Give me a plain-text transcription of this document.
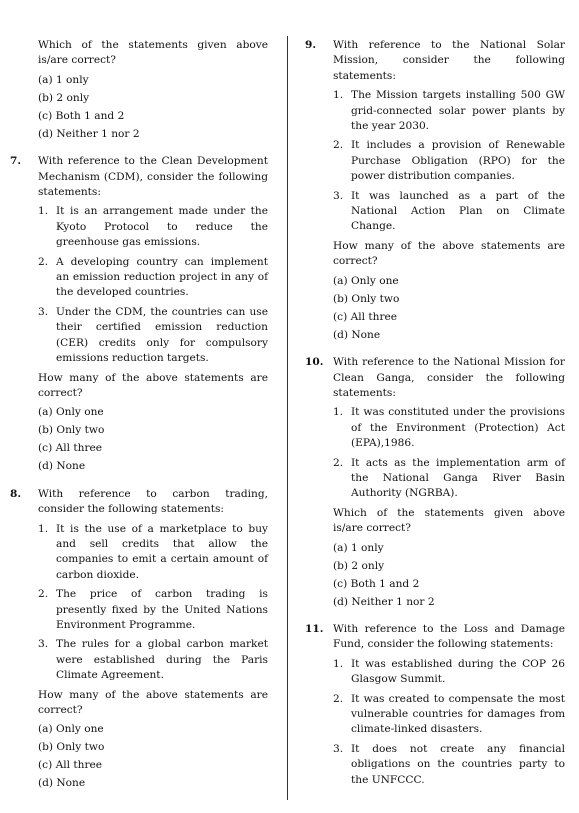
Which of the statements given above is/are correct?

(a) 1 only
(b) 2 only
(c) Both 1 and 2
(d) Neither 1 nor 2
7.	With reference to the Clean Development Mechanism (CDM), consider the following statements:

1. It is an arrangement made under the Kyoto Protocol to reduce the greenhouse gas emissions.
2. A developing country can implement an emission reduction project in any of the developed countries.
3. Under the CDM, the countries can use their certified emission reduction (CER) credits only for compulsory emissions reduction targets.

How many of the above statements are correct?

(a) Only one
(b) Only two
(c) All three
(d) None
8.	With reference to carbon trading, consider the following statements:

1. It is the use of a marketplace to buy and sell credits that allow the companies to emit a certain amount of carbon dioxide.
2. The price of carbon trading is presently fixed by the United Nations Environment Programme.
3. The rules for a global carbon market were established during the Paris Climate Agreement.

How many of the above statements are correct?

(a) Only one
(b) Only two
(c) All three
(d) None
9.	With reference to the National Solar Mission, consider the following statements:

1. The Mission targets installing 500 GW grid-connected solar power plants by the year 2030.
2. It includes a provision of Renewable Purchase Obligation (RPO) for the power distribution companies.
3. It was launched as a part of the National Action Plan on Climate Change.

How many of the above statements are correct?

(a) Only one
(b) Only two
(c) All three
(d) None
10. With reference to the National Mission for Clean Ganga, consider the following statements:

1. It was constituted under the provisions of the Environment (Protection) Act (EPA),1986.
2. It acts as the implementation arm of the National Ganga River Basin Authority (NGRBA).

Which of the statements given above is/are correct?

(a) 1 only
(b) 2 only
(c) Both 1 and 2
(d) Neither 1 nor 2
11. With reference to the Loss and Damage Fund, consider the following statements:

1. It was established during the COP 26 Glasgow Summit.
2. It was created to compensate the most vulnerable countries for damages from climate-linked disasters.
3. It does not create any financial obligations on the countries party to the UNFCCC.
